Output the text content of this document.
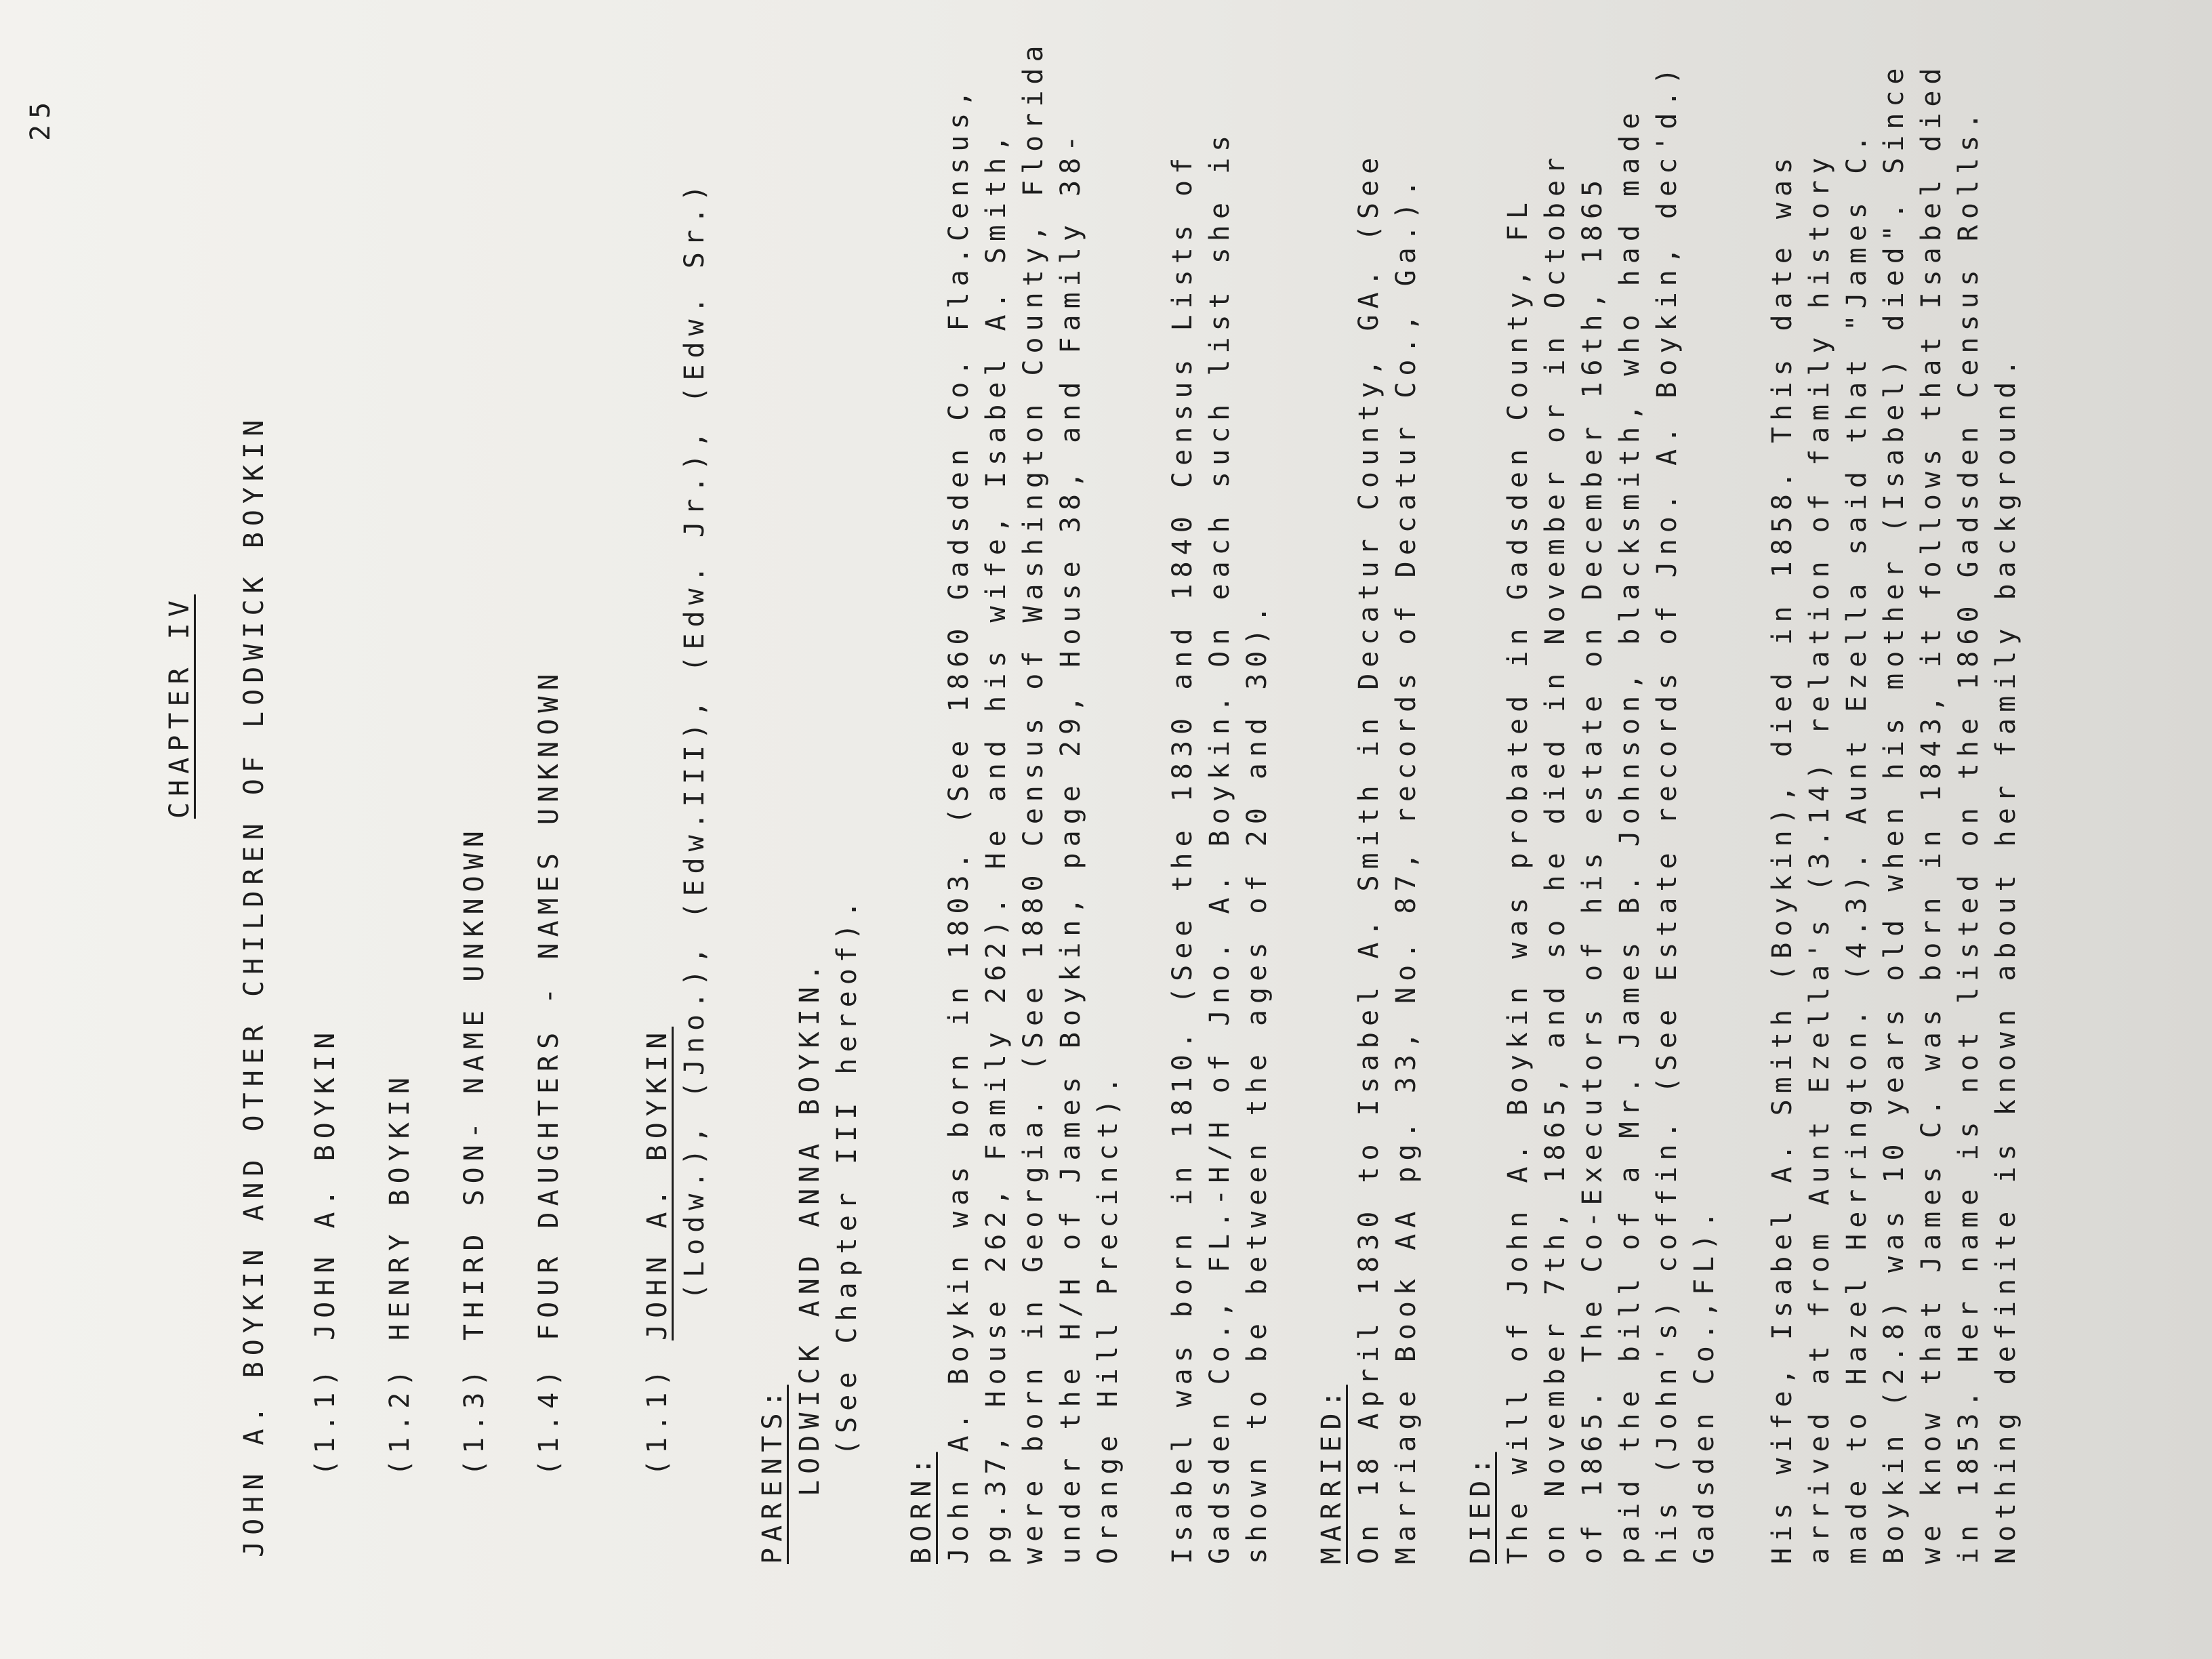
25
CHAPTER IV JOHN A. BOYKIN AND OTHER CHILDREN OF LODWICK BOYKIN (1.1)
JOHN A. BOYKIN
(1.2)
HENRY BOYKIN
(1.3)
THIRD SON- NAME UNKNOWN
(1.4)
FOUR DAUGHTERS - NAMES UNKNOWN
(1.1)
JOHN A. BOYKIN (Lodw.), (Jno.), (Edw.III), (Edw. Jr.), (Edw. Sr.)
PARENTS: LODWICK AND ANNA BOYKIN. (See Chapter III hereof).
BORN: John A. Boykin was born in 1803. (See 1860 Gadsden Co. Fla.Census, pg.37, House 262, Family 262). He and his wife, Isabel A. Smith, were born in Georgia. (See 1880 Census of Washington County, Florida under the H/H of James Boykin, page 29, House 38, and Family 38- Orange Hill Precinct). Isabel was born in 1810. (See the 1830 and 1840 Census Lists of Gadsden Co., FL.-H/H of Jno. A. Boykin. On each such list she is shown to be between the ages of 20 and 30). MARRIED: On 18 April 1830 to Isabel A. Smith in Decatur County, GA. (See Marriage Book AA pg. 33, No. 87, records of Decatur Co., Ga.). DIED: The will of John A. Boykin was probated in Gadsden County, FL on November 7th, 1865, and so he died in November or in October of 1865. The Co-Executors of his estate on December 16th, 1865 paid the bill of a Mr. James B. Johnson, blacksmith, who had made his (John's) coffin. (See Estate records of Jno. A. Boykin, dec'd.) Gadsden Co.,FL). His wife, Isabel A. Smith (Boykin), died in 1858. This date was arrived at from Aunt Ezella's (3.14) relation of family history made to Hazel Herrington. (4.3). Aunt Ezella said that "James C. Boykin (2.8) was 10 years old when his mother (Isabel) died". Since we know that James C. was born in 1843, it follows that Isabel died in 1853. Her name is not listed on the 1860 Gadsden Census Rolls. Nothing definite is known about her family background.
